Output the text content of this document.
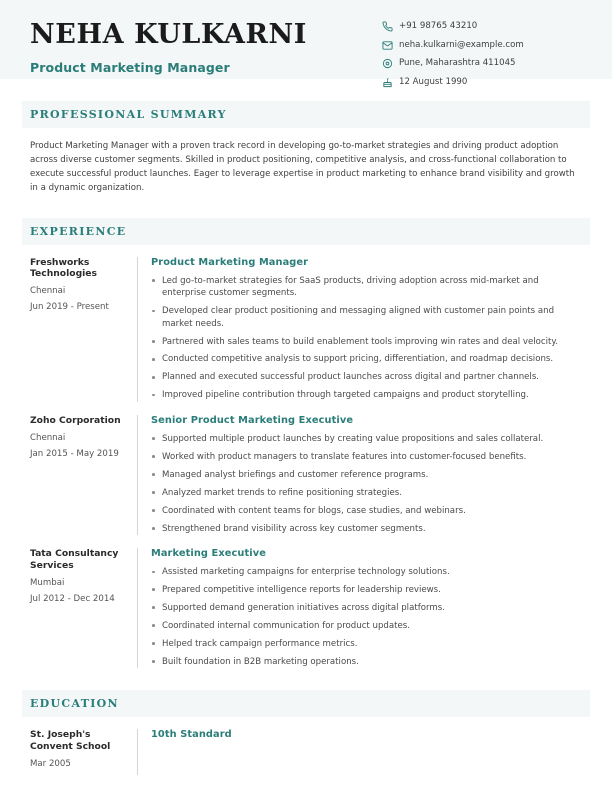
NEHA KULKARNI
Product Marketing Manager
+91 98765 43210
neha.kulkarni@example.com
Pune, Maharashtra 411045
12 August 1990
PROFESSIONAL SUMMARY
Product Marketing Manager with a proven track record in developing go-to-market strategies and driving product adoption across diverse customer segments. Skilled in product positioning, competitive analysis, and cross-functional collaboration to execute successful product launches. Eager to leverage expertise in product marketing to enhance brand visibility and growth in a dynamic organization.
EXPERIENCE
Freshworks Technologies
Chennai
Jun 2019 - Present
Product Marketing Manager
Led go-to-market strategies for SaaS products, driving adoption across mid-market and enterprise customer segments.
Developed clear product positioning and messaging aligned with customer pain points and market needs.
Partnered with sales teams to build enablement tools improving win rates and deal velocity.
Conducted competitive analysis to support pricing, differentiation, and roadmap decisions.
Planned and executed successful product launches across digital and partner channels.
Improved pipeline contribution through targeted campaigns and product storytelling.
Zoho Corporation
Chennai
Jan 2015 - May 2019
Senior Product Marketing Executive
Supported multiple product launches by creating value propositions and sales collateral.
Worked with product managers to translate features into customer-focused benefits.
Managed analyst briefings and customer reference programs.
Analyzed market trends to refine positioning strategies.
Coordinated with content teams for blogs, case studies, and webinars.
Strengthened brand visibility across key customer segments.
Tata Consultancy Services
Mumbai
Jul 2012 - Dec 2014
Marketing Executive
Assisted marketing campaigns for enterprise technology solutions.
Prepared competitive intelligence reports for leadership reviews.
Supported demand generation initiatives across digital platforms.
Coordinated internal communication for product updates.
Helped track campaign performance metrics.
Built foundation in B2B marketing operations.
EDUCATION
St. Joseph's Convent School
Mar 2005
10th Standard
